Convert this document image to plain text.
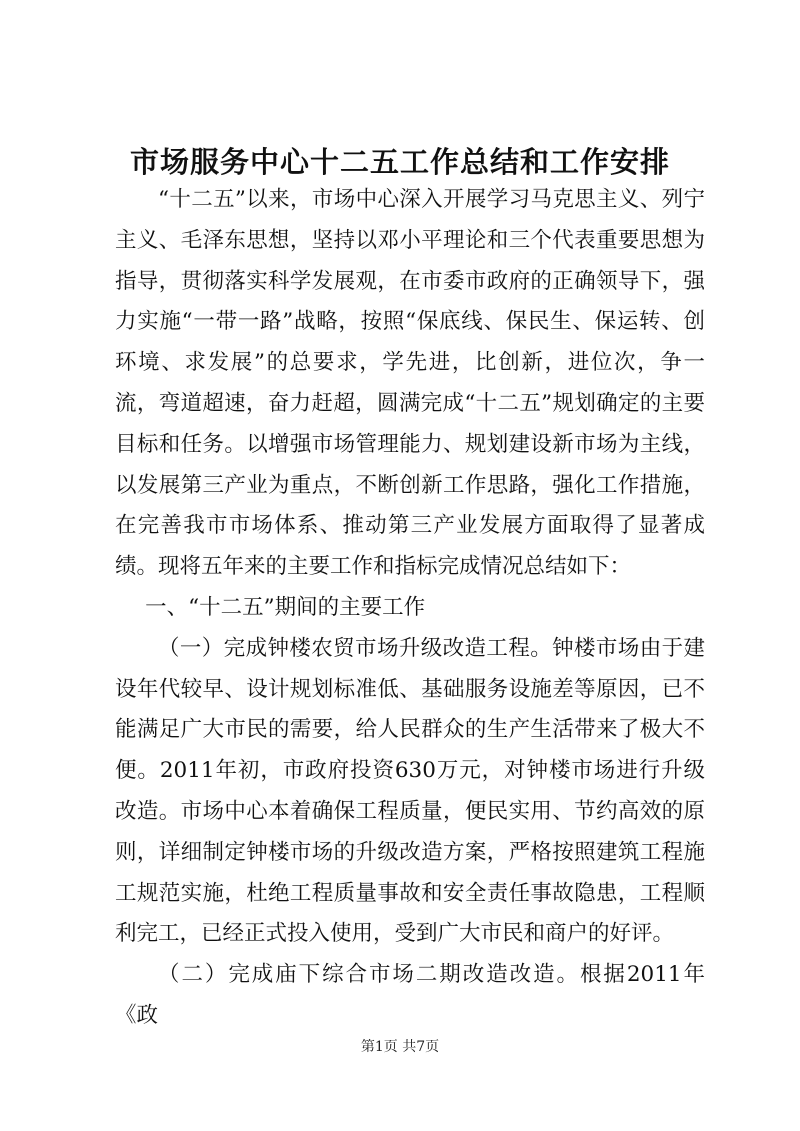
市场服务中心十二五工作总结和工作安排

“十二五”以来，市场中心深入开展学习马克思主义、列宁主义、毛泽东思想，坚持以邓小平理论和三个代表重要思想为指导，贯彻落实科学发展观，在市委市政府的正确领导下，强力实施“一带一路”战略，按照“保底线、保民生、保运转、创环境、求发展”的总要求，学先进，比创新，进位次，争一流，弯道超速，奋力赶超，圆满完成“十二五”规划确定的主要目标和任务。以增强市场管理能力、规划建设新市场为主线，以发展第三产业为重点，不断创新工作思路，强化工作措施，在完善我市市场体系、推动第三产业发展方面取得了显著成绩。现将五年来的主要工作和指标完成情况总结如下：

一、“十二五”期间的主要工作

（一）完成钟楼农贸市场升级改造工程。钟楼市场由于建设年代较早、设计规划标准低、基础服务设施差等原因，已不能满足广大市民的需要，给人民群众的生产生活带来了极大不便。2011年初，市政府投资630万元，对钟楼市场进行升级改造。市场中心本着确保工程质量，便民实用、节约高效的原则，详细制定钟楼市场的升级改造方案，严格按照建筑工程施工规范实施，杜绝工程质量事故和安全责任事故隐患，工程顺利完工，已经正式投入使用，受到广大市民和商户的好评。

（二）完成庙下综合市场二期改造改造。根据2011年《政

第1页 共7页
